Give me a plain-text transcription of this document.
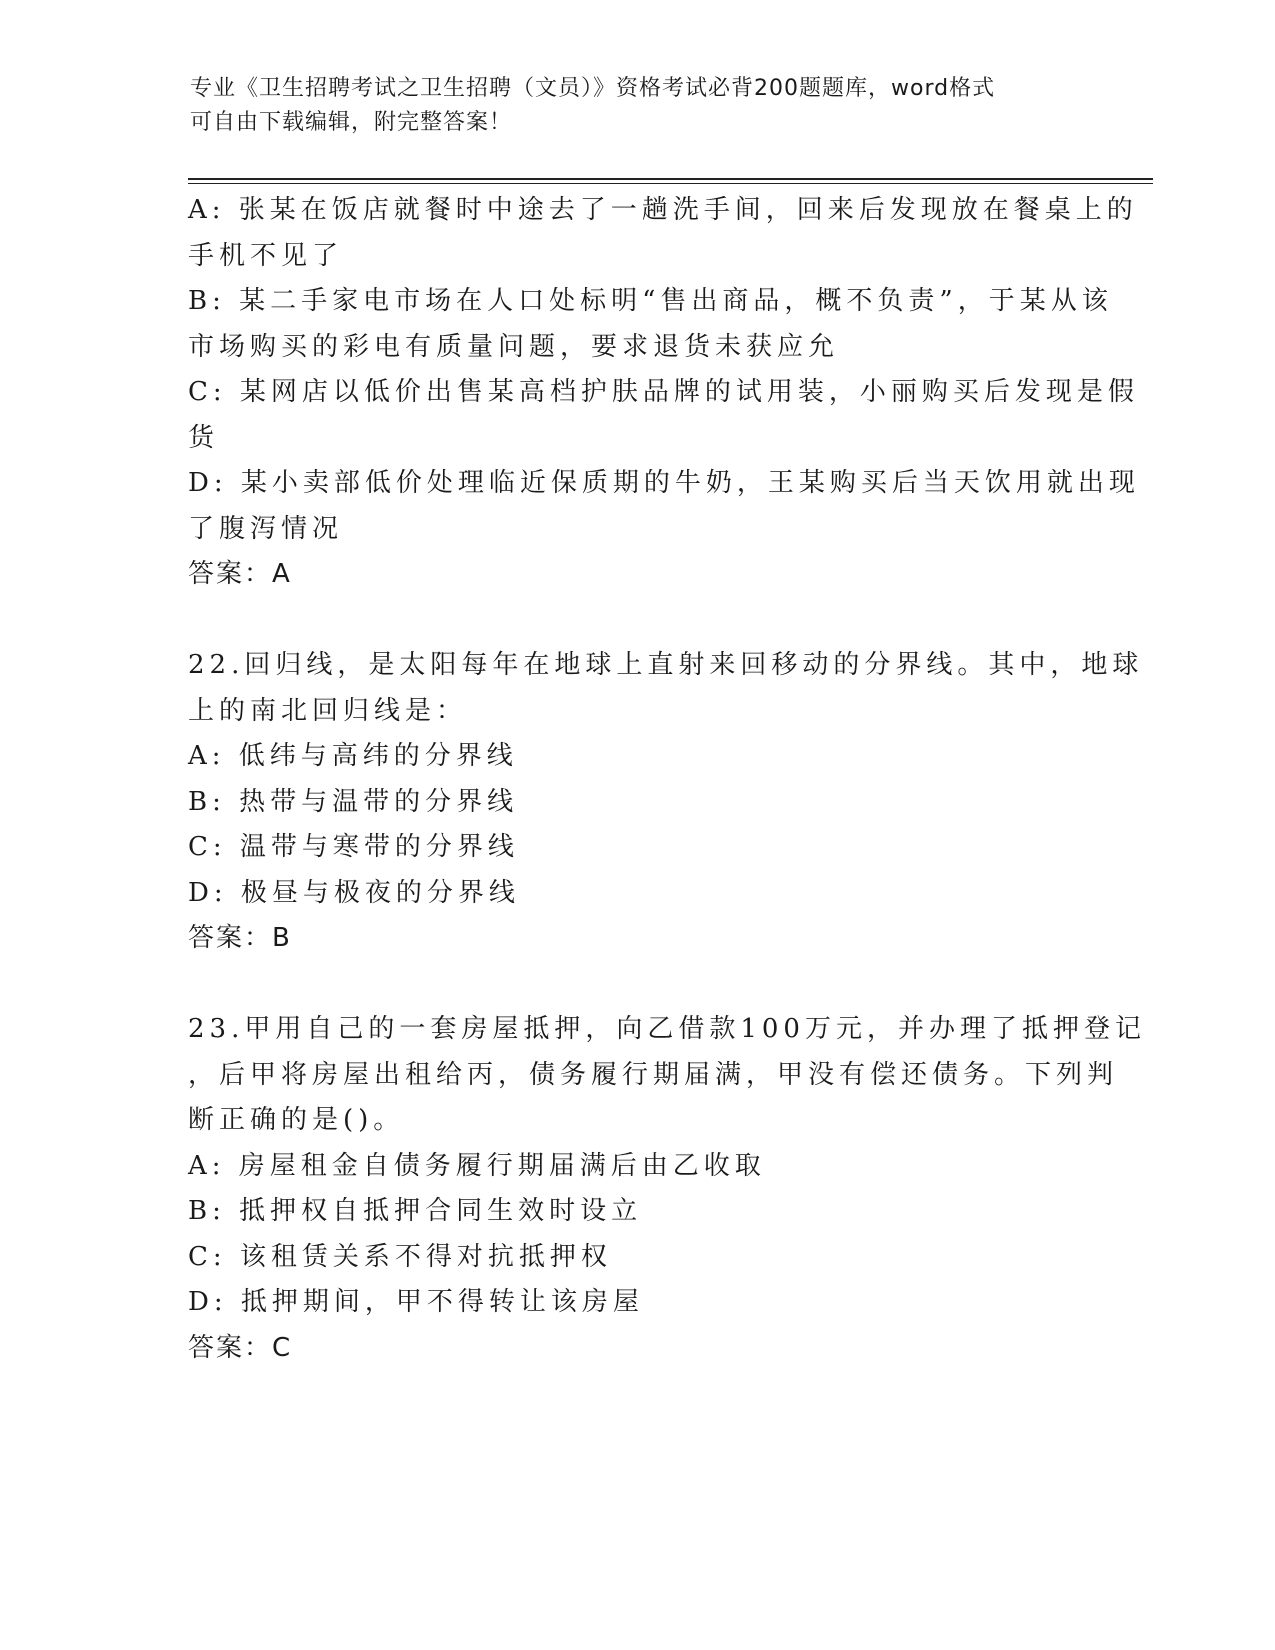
专业《卫生招聘考试之卫生招聘（文员）》资格考试必背200题题库，word格式
可自由下载编辑，附完整答案！
A: 张某在饭店就餐时中途去了一趟洗手间，回来后发现放在餐桌上的
手机不见了
B: 某二手家电市场在人口处标明“售出商品，概不负责”，于某从该
市场购买的彩电有质量问题，要求退货未获应允
C: 某网店以低价出售某高档护肤品牌的试用装，小丽购买后发现是假
货
D: 某小卖部低价处理临近保质期的牛奶，王某购买后当天饮用就出现
了腹泻情况
答案：A
22.回归线，是太阳每年在地球上直射来回移动的分界线。其中，地球
上的南北回归线是：
A: 低纬与高纬的分界线
B: 热带与温带的分界线
C: 温带与寒带的分界线
D: 极昼与极夜的分界线
答案：B
23.甲用自己的一套房屋抵押，向乙借款100万元，并办理了抵押登记
，后甲将房屋出租给丙，债务履行期届满，甲没有偿还债务。下列判
断正确的是()。
A: 房屋租金自债务履行期届满后由乙收取
B: 抵押权自抵押合同生效时设立
C: 该租赁关系不得对抗抵押权
D: 抵押期间，甲不得转让该房屋
答案：C
